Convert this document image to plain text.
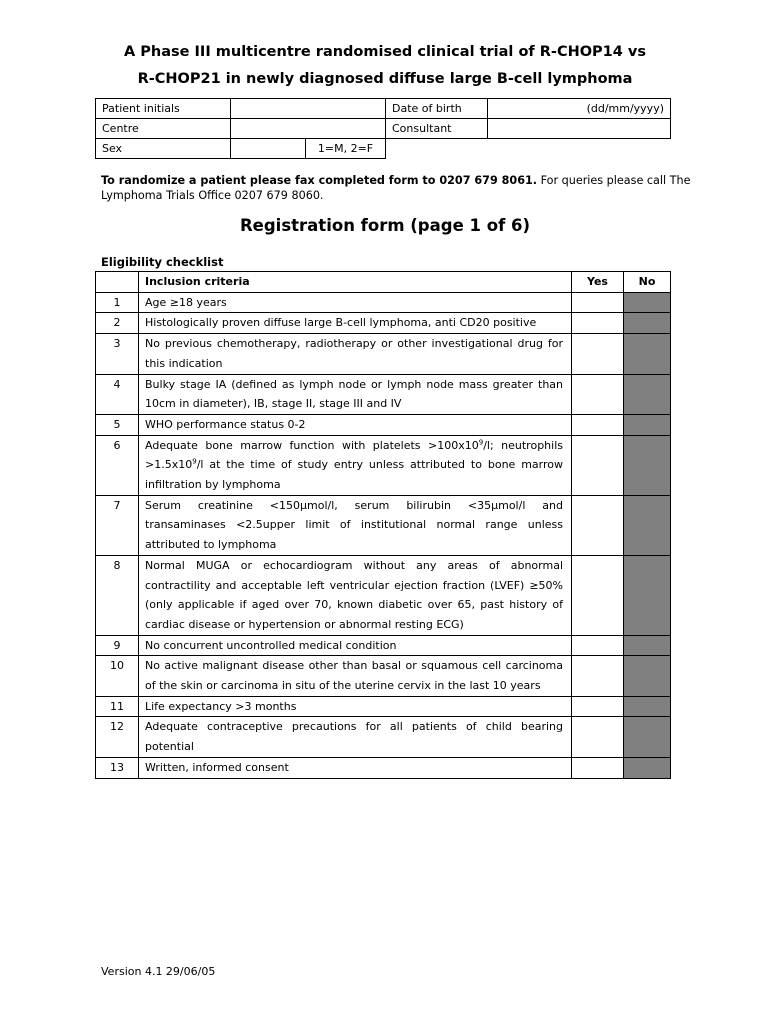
A Phase III multicentre randomised clinical trial of R-CHOP14 vs
R-CHOP21 in newly diagnosed diffuse large B-cell lymphoma
Patient initials			Date of birth	(dd/mm/yyyy)
Centre			Consultant	
Sex		1=M, 2=F		
To randomize a patient please fax completed form to 0207 679 8061. For queries please call The Lymphoma Trials Office 0207 679 8060.
Registration form (page 1 of 6)
Eligibility checklist
	Inclusion criteria	Yes	No
1	Age ≥18 years		
2	Histologically proven diffuse large B-cell lymphoma, anti CD20 positive		
3	No previous chemotherapy, radiotherapy or other investigational drug for this indication		
4	Bulky stage IA (defined as lymph node or lymph node mass greater than 10cm in diameter), IB, stage II, stage III and IV		
5	WHO performance status 0-2		
6	Adequate bone marrow function with platelets $>100x10^9/l$; neutrophils $>1.5x10^9/l$ at the time of study entry unless attributed to bone marrow infiltration by lymphoma		
7	Serum creatinine <150μmol/l, serum bilirubin <35μmol/l and transaminases <2.5upper limit of institutional normal range unless attributed to lymphoma		
8	Normal MUGA or echocardiogram without any areas of abnormal contractility and acceptable left ventricular ejection fraction (LVEF) ≥50% (only applicable if aged over 70, known diabetic over 65, past history of cardiac disease or hypertension or abnormal resting ECG)		
9	No concurrent uncontrolled medical condition		
10	No active malignant disease other than basal or squamous cell carcinoma of the skin or carcinoma in situ of the uterine cervix in the last 10 years		
11	Life expectancy >3 months		
12	Adequate contraceptive precautions for all patients of child bearing potential		
13	Written, informed consent		
Version 4.1 29/06/05
